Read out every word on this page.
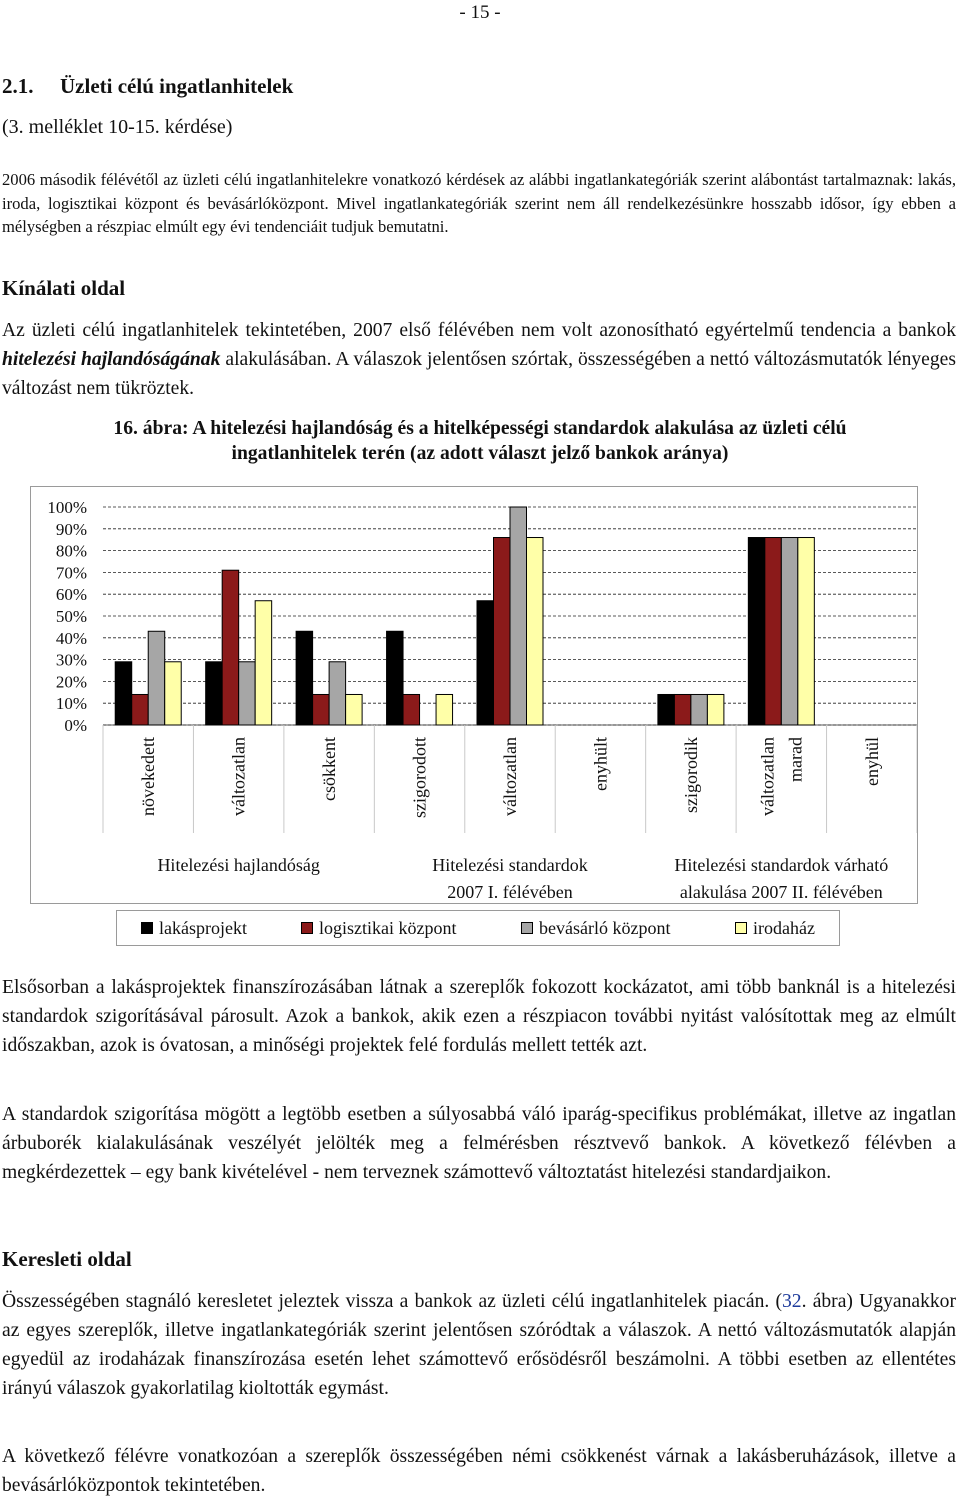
- 15 -
2.1. Üzleti célú ingatlanhitelek
(3. melléklet 10-15. kérdése)
2006 második félévétől az üzleti célú ingatlanhitelekre vonatkozó kérdések az alábbi ingatlankategóriák szerint alábontást tartalmaznak: lakás, iroda, logisztikai központ és bevásárlóközpont. Mivel ingatlankategóriák szerint nem áll rendelkezésünkre hosszabb idősor, így ebben a mélységben a részpiac elmúlt egy évi tendenciáit tudjuk bemutatni.
Kínálati oldal
Az üzleti célú ingatlanhitelek tekintetében, 2007 első félévében nem volt azonosítható egyértelmű tendencia a bankok hitelezési hajlandóságának alakulásában. A válaszok jelentősen szórtak, összességében a nettó változásmutatók lényeges változást nem tükröztek.
16. ábra: A hitelezési hajlandóság és a hitelképességi standardok alakulása az üzleti célú
ingatlanhitelek terén (az adott választ jelző bankok aránya)
100%
90%
80%
70%
60%
50%
40%
30%
20%
10%
0%
növekedett	változatlan	csökkent	szigorodott	változatlan	enyhült	szigorodik	változatlan marad	enyhül
Hitelezési hajlandóság	Hitelezési standardok
2007 I. félévében
Hitelezési standardok várható
alakulása 2007 II. félévében
lakásprojekt	logisztikai központ	bevásárló központ	irodaház
Elsősorban a lakásprojektek finanszírozásában látnak a szereplők fokozott kockázatot, ami több banknál is a hitelezési standardok szigorításával párosult. Azok a bankok, akik ezen a részpiacon további nyitást valósítottak meg az elmúlt időszakban, azok is óvatosan, a minőségi projektek felé fordulás mellett tették azt.
A standardok szigorítása mögött a legtöbb esetben a súlyosabbá váló iparág-specifikus problémákat, illetve az ingatlan árbuborék kialakulásának veszélyét jelölték meg a felmérésben résztvevő bankok. A következő félévben a megkérdezettek – egy bank kivételével - nem terveznek számottevő változtatást hitelezési standardjaikon.
Keresleti oldal
Összességében stagnáló keresletet jeleztek vissza a bankok az üzleti célú ingatlanhitelek piacán. (32. ábra) Ugyanakkor az egyes szereplők, illetve ingatlankategóriák szerint jelentősen szóródtak a válaszok. A nettó változásmutatók alapján egyedül az irodaházak finanszírozása esetén lehet számottevő erősödésről beszámolni. A többi esetben az ellentétes irányú válaszok gyakorlatilag kioltották egymást.
A következő félévre vonatkozóan a szereplők összességében némi csökkenést várnak a lakásberuházások, illetve a bevásárlóközpontok tekintetében.
